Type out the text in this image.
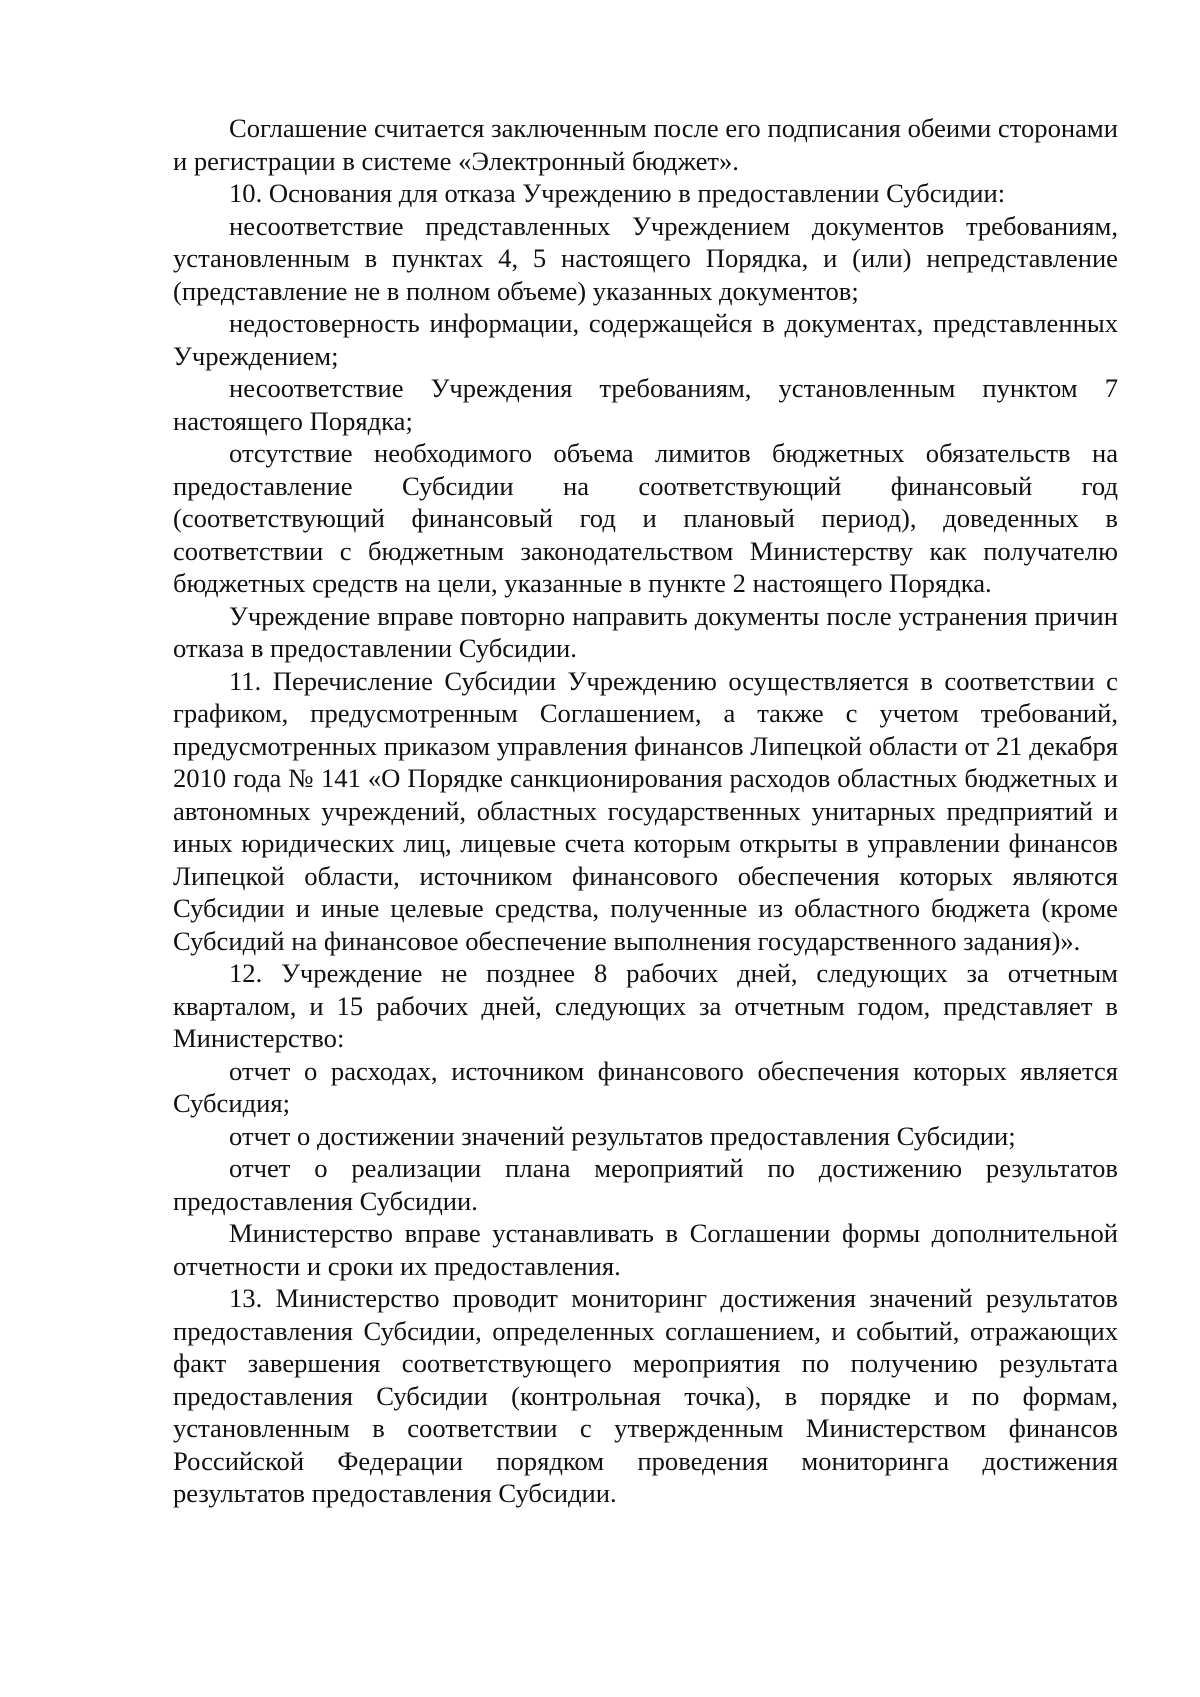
Соглашение считается заключенным после его подписания обеими сторонами и регистрации в системе «Электронный бюджет».

10. Основания для отказа Учреждению в предоставлении Субсидии:

несоответствие представленных Учреждением документов требованиям, установленным в пунктах 4, 5 настоящего Порядка, и (или) непредставление (представление не в полном объеме) указанных документов;

недостоверность информации, содержащейся в документах, представленных Учреждением;

несоответствие Учреждения требованиям, установленным пунктом 7 настоящего Порядка;

отсутствие необходимого объема лимитов бюджетных обязательств на предоставление Субсидии на соответствующий финансовый год (соответствующий финансовый год и плановый период), доведенных в соответствии с бюджетным законодательством Министерству как получателю бюджетных средств на цели, указанные в пункте 2 настоящего Порядка.

Учреждение вправе повторно направить документы после устранения причин отказа в предоставлении Субсидии.

11. Перечисление Субсидии Учреждению осуществляется в соответствии с графиком, предусмотренным Соглашением, а также с учетом требований, предусмотренных приказом управления финансов Липецкой области от 21 декабря 2010 года № 141 «О Порядке санкционирования расходов областных бюджетных и автономных учреждений, областных государственных унитарных предприятий и иных юридических лиц, лицевые счета которым открыты в управлении финансов Липецкой области, источником финансового обеспечения которых являются Субсидии и иные целевые средства, полученные из областного бюджета (кроме Субсидий на финансовое обеспечение выполнения государственного задания)».

12. Учреждение не позднее 8 рабочих дней, следующих за отчетным кварталом, и 15 рабочих дней, следующих за отчетным годом, представляет в Министерство:

отчет о расходах, источником финансового обеспечения которых является Субсидия;

отчет о достижении значений результатов предоставления Субсидии;

отчет о реализации плана мероприятий по достижению результатов предоставления Субсидии.

Министерство вправе устанавливать в Соглашении формы дополнительной отчетности и сроки их предоставления.

13. Министерство проводит мониторинг достижения значений результатов предоставления Субсидии, определенных соглашением, и событий, отражающих факт завершения соответствующего мероприятия по получению результата предоставления Субсидии (контрольная точка), в порядке и по формам, установленным в соответствии с утвержденным Министерством финансов Российской Федерации порядком проведения мониторинга достижения результатов предоставления Субсидии.
